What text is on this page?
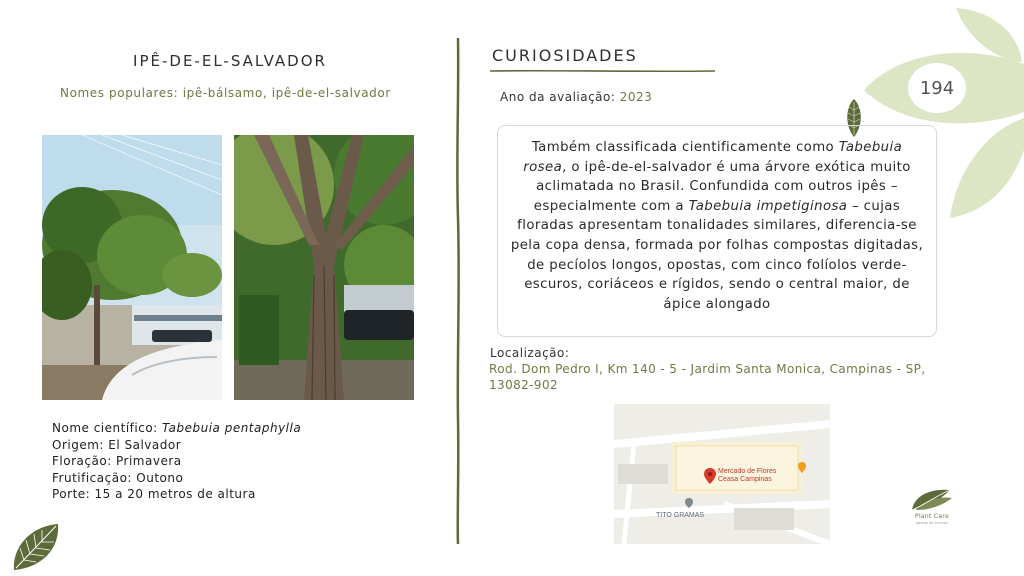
194
IPÊ-DE-EL-SALVADOR
Nomes populares: ipê-bálsamo, ipê-de-el-salvador
Nome científico: Tabebuia pentaphylla
Origem: El Salvador
Floração: Primavera
Frutificação: Outono
Porte: 15 a 20 metros de altura
CURIOSIDADES
Ano da avaliação: 2023
Também classificada cientificamente como Tabebuia rosea, o ipê-de-el-salvador é uma árvore exótica muito aclimatada no Brasil. Confundida com outros ipês – especialmente com a Tabebuia impetiginosa – cujas floradas apresentam tonalidades similares, diferencia-se pela copa densa, formada por folhas compostas digitadas, de pecíolos longos, opostas, com cinco folíolos verde-escuros, coriáceos e rígidos, sendo o central maior, de ápice alongado
Localização:
Rod. Dom Pedro I, Km 140 - 5 - Jardim Santa Monica, Campinas - SP, 13082-902
Mercado de Flores
Ceasa Campinas
TITO GRAMAS	Plant Care
gestão de árvores
